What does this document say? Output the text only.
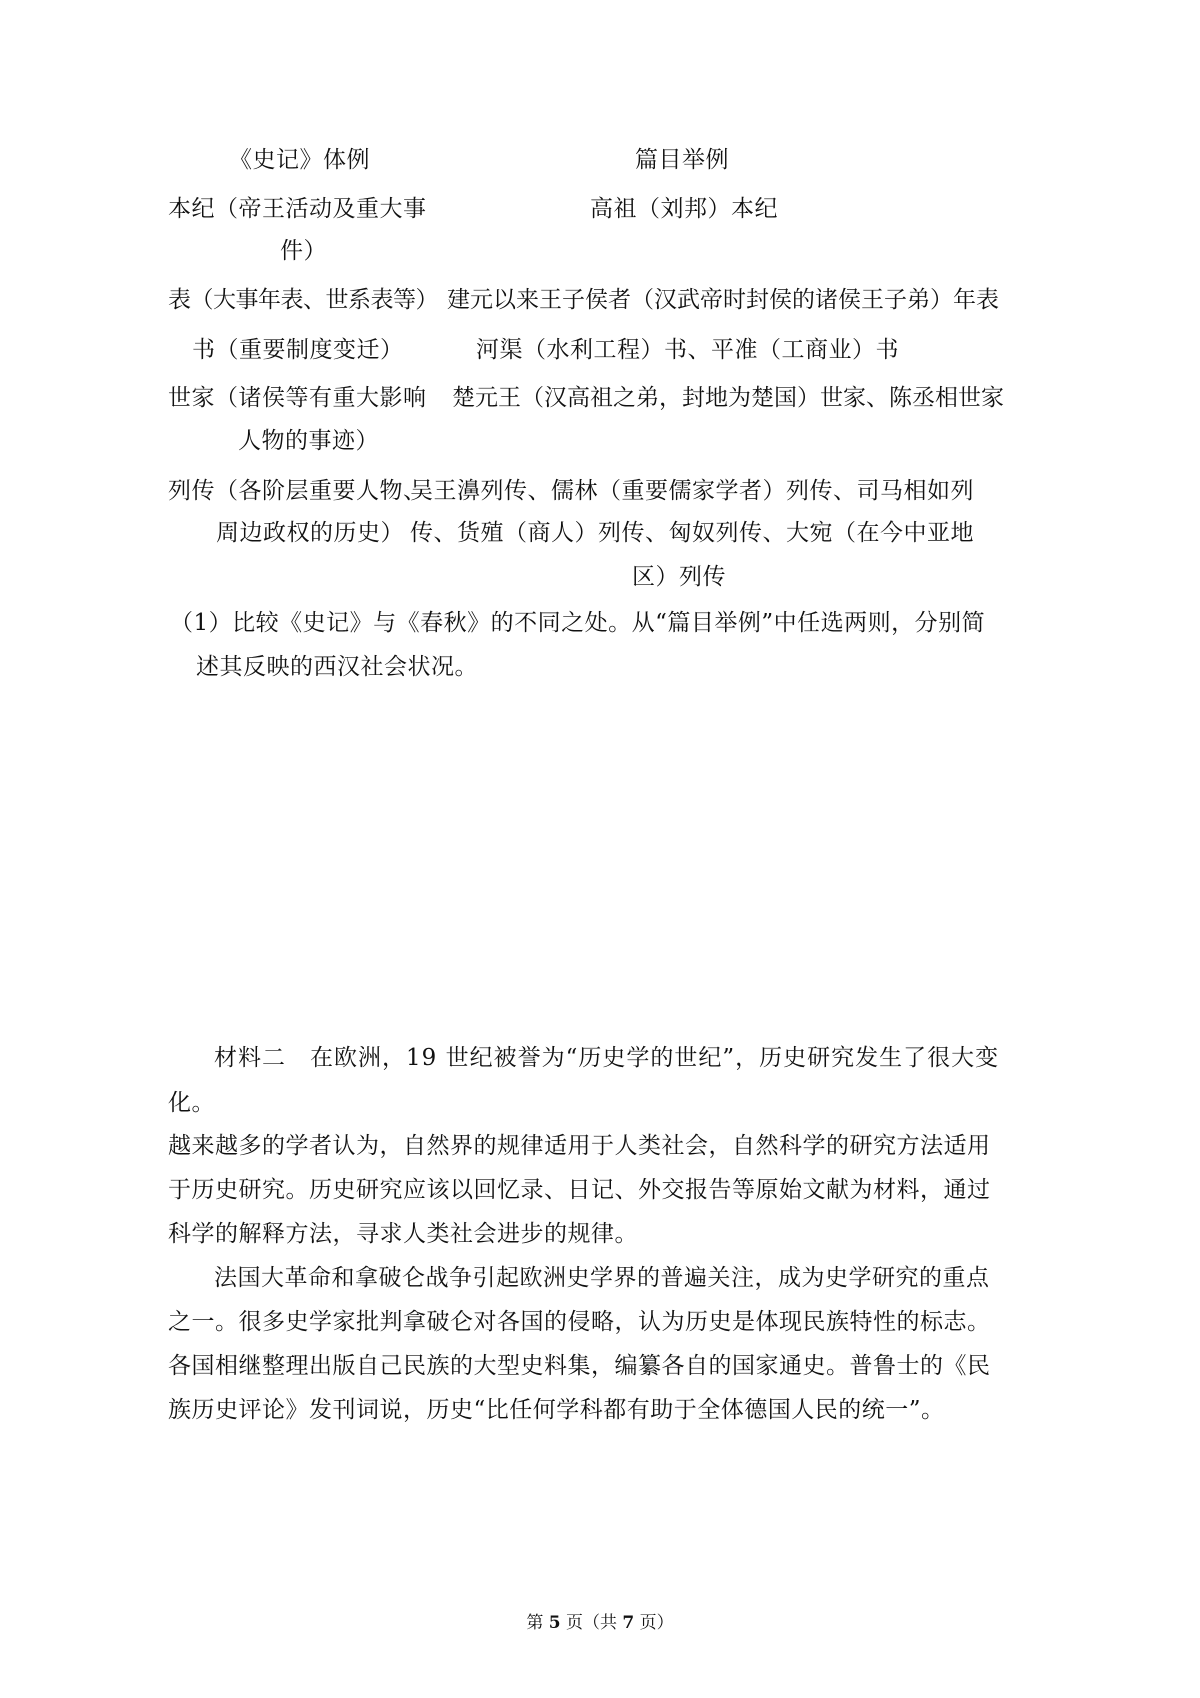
《史记》体例	篇目举例
本纪（帝王活动及重大事
件）
高祖（刘邦）本纪
表（大事年表、世系表等） 建元以来王子侯者（汉武帝时封侯的诸侯王子弟）年表
书（重要制度变迁）	河渠（水利工程）书、平准（工商业）书
世家（诸侯等有重大影响
人物的事迹）
楚元王（汉高祖之弟，封地为楚国）世家、陈丞相世家
列传（各阶层重要人物、
周边政权的历史）
吴王濞列传、儒林（重要儒家学者）列传、司马相如列
传、货殖（商人）列传、匈奴列传、大宛（在今中亚地
区）列传
（1）比较《史记》与《春秋》的不同之处。从“篇目举例”中任选两则，分别简
述其反映的西汉社会状况。
材料二　在欧洲，19 世纪被誉为“历史学的世纪”，历史研究发生了很大变
化。
越来越多的学者认为，自然界的规律适用于人类社会，自然科学的研究方法适用
于历史研究。历史研究应该以回忆录、日记、外交报告等原始文献为材料，通过
科学的解释方法，寻求人类社会进步的规律。
法国大革命和拿破仑战争引起欧洲史学界的普遍关注，成为史学研究的重点
之一。很多史学家批判拿破仑对各国的侵略，认为历史是体现民族特性的标志。
各国相继整理出版自己民族的大型史料集，编纂各自的国家通史。普鲁士的《民
族历史评论》发刊词说，历史“比任何学科都有助于全体德国人民的统一”。
第 5 页（共 7 页）
